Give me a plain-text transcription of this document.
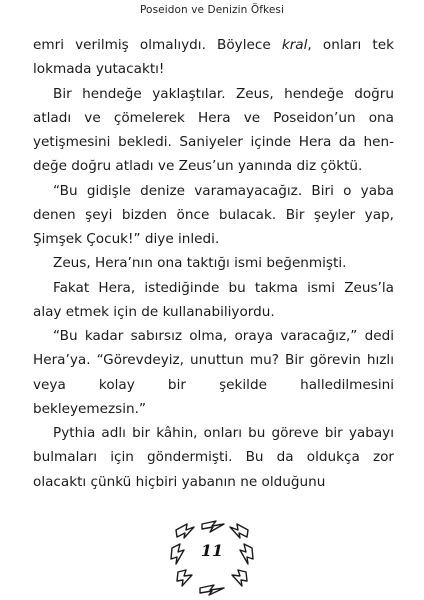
Poseidon ve Denizin Öfkesi

emri verilmiş olmalıydı. Böylece kral, onları tek lokmada yutacaktı!

Bir hendeğe yaklaştılar. Zeus, hendeğe doğru atladı ve çömelerek Hera ve Poseidon’un ona yetişmesini bekledi. Saniyeler içinde Hera da hendeğe doğru atladı ve Zeus’un yanında diz çöktü.

“Bu gidişle denize varamayacağız. Biri o yaba denen şeyi bizden önce bulacak. Bir şeyler yap, Şimşek Çocuk!” diye inledi.

Zeus, Hera’nın ona taktığı ismi beğenmişti.

Fakat Hera, istediğinde bu takma ismi Zeus’la alay etmek için de kullanabiliyordu.

“Bu kadar sabırsız olma, oraya varacağız,” dedi Hera’ya. “Görevdeyiz, unuttun mu? Bir görevin hızlı veya kolay bir şekilde halledilmesini bekleyemezsin.”

Pythia adlı bir kâhin, onları bu göreve bir yabayı bulmaları için göndermişti. Bu da oldukça zor olacaktı çünkü hiçbiri yabanın ne olduğunu

11
